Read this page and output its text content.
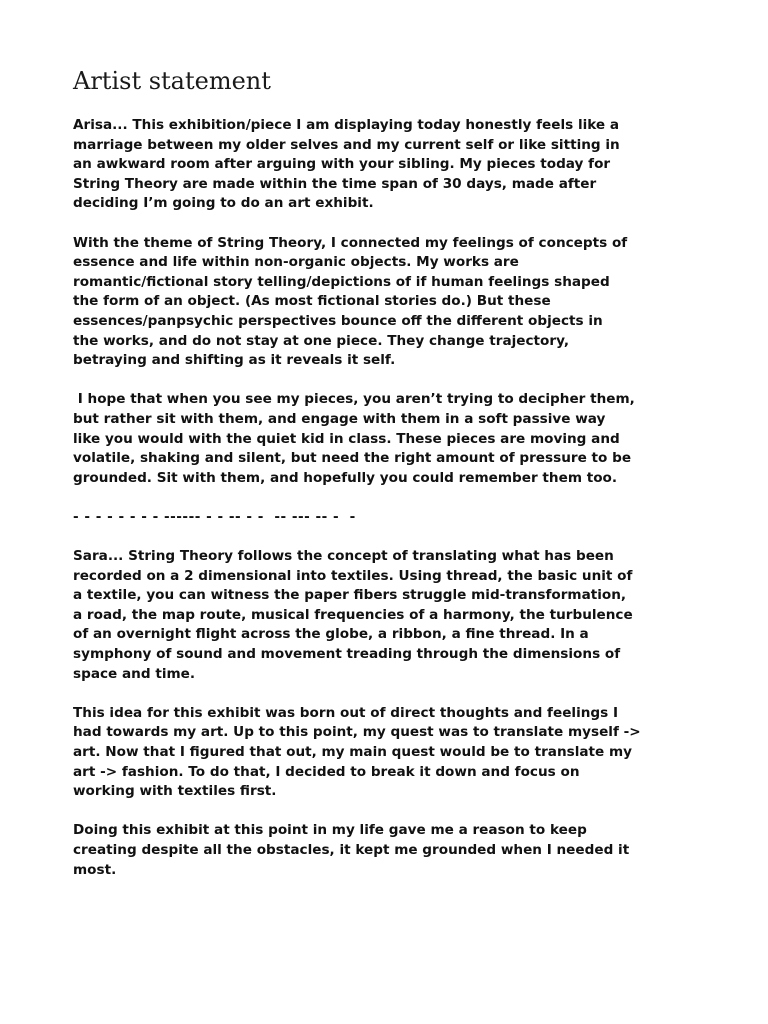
Artist statement

Arisa... This exhibition/piece I am displaying today honestly feels like a
marriage between my older selves and my current self or like sitting in
an awkward room after arguing with your sibling. My pieces today for
String Theory are made within the time span of 30 days, made after
deciding I’m going to do an art exhibit.

With the theme of String Theory, I connected my feelings of concepts of
essence and life within non-organic objects. My works are
romantic/fictional story telling/depictions of if human feelings shaped
the form of an object. (As most fictional stories do.) But these
essences/panpsychic perspectives bounce off the different objects in
the works, and do not stay at one piece. They change trajectory,
betraying and shifting as it reveals it self.

I hope that when you see my pieces, you aren’t trying to decipher them,
but rather sit with them, and engage with them in a soft passive way
like you would with the quiet kid in class. These pieces are moving and
volatile, shaking and silent, but need the right amount of pressure to be
grounded. Sit with them, and hopefully you could remember them too.

- - - - - - - - ------ - - -- - -  -- --- -- -  -

Sara... String Theory follows the concept of translating what has been
recorded on a 2 dimensional into textiles. Using thread, the basic unit of
a textile, you can witness the paper fibers struggle mid-transformation,
a road, the map route, musical frequencies of a harmony, the turbulence
of an overnight flight across the globe, a ribbon, a fine thread. In a
symphony of sound and movement treading through the dimensions of
space and time.

This idea for this exhibit was born out of direct thoughts and feelings I
had towards my art. Up to this point, my quest was to translate myself ->
art. Now that I figured that out, my main quest would be to translate my
art -> fashion. To do that, I decided to break it down and focus on
working with textiles first.

Doing this exhibit at this point in my life gave me a reason to keep
creating despite all the obstacles, it kept me grounded when I needed it
most.
